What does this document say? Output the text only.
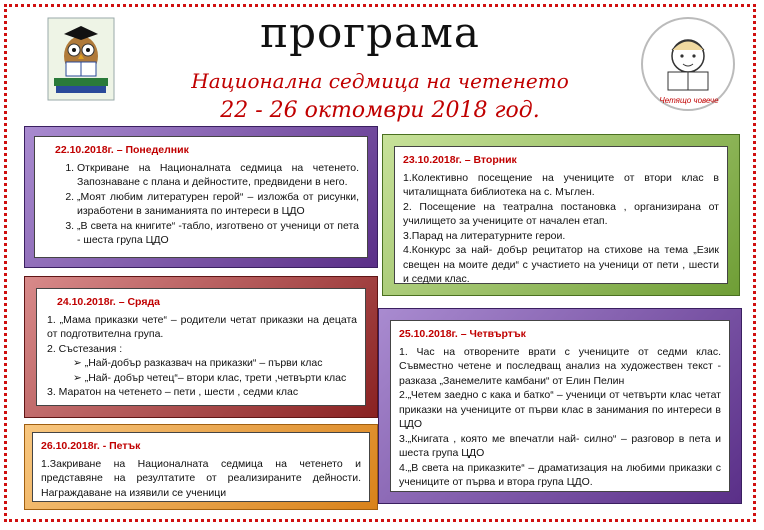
Четящо човече
програма
Национална седмица на четенето
22 - 26 октомври 2018 год.
22.10.2018г. – Понеделник
1. Откриване на Националната седмица на четенето. Запознаване с плана и дейностите, предвидени в него.
2. „Моят любим литературен герой“ – изложба от рисунки, изработени в заниманията по интереси в ЦДО
3. „В света на книгите“ -табло, изготвено от ученици от пета - шеста група ЦДО
23.10.2018г. – Вторник

1.Колективно посещение на учениците от втори клас в читалищната библиотека на с. Мъглен.

2. Посещение на театрална постановка , организирана от училището за учениците от начален етап.

3.Парад на литературните герои.

4.Конкурс за най- добър рецитатор на стихове на тема „Език свещен на моите деди“ с участието на ученици от пети , шести и седми клас.

24.10.2018г. – Сряда

1. „Мама приказки чете“ – родители четат приказки на децата от подготвителна група.

2. Състезания :

➢ „Най-добър разказвач на приказки“ – първи клас
➢ „Най- добър четец“– втори клас, трети ,четвърти клас

3. Маратон на четенето – пети , шести , седми клас

25.10.2018г. – Четвъртък

1. Час на отворените врати с учениците от седми клас. Съвместно четене и последващ анализ на художествен текст - разказа „Занемелите камбани“ от Елин Пелин

2.„Четем заедно с кака и батко“ – ученици от четвърти клас четат приказки на учениците от първи клас в занимания по интереси в ЦДО

3.„Книгата , която ме впечатли най- силно“ – разговор в пета и шеста група ЦДО

4.„В света на приказките“ – драматизация на любими приказки с учениците от първа и втора група ЦДО.

26.10.2018г. - Петък

1.Закриване на Националната седмица на четенето и представяне на резултатите от реализираните дейности. Награждаване на изявили се ученици
